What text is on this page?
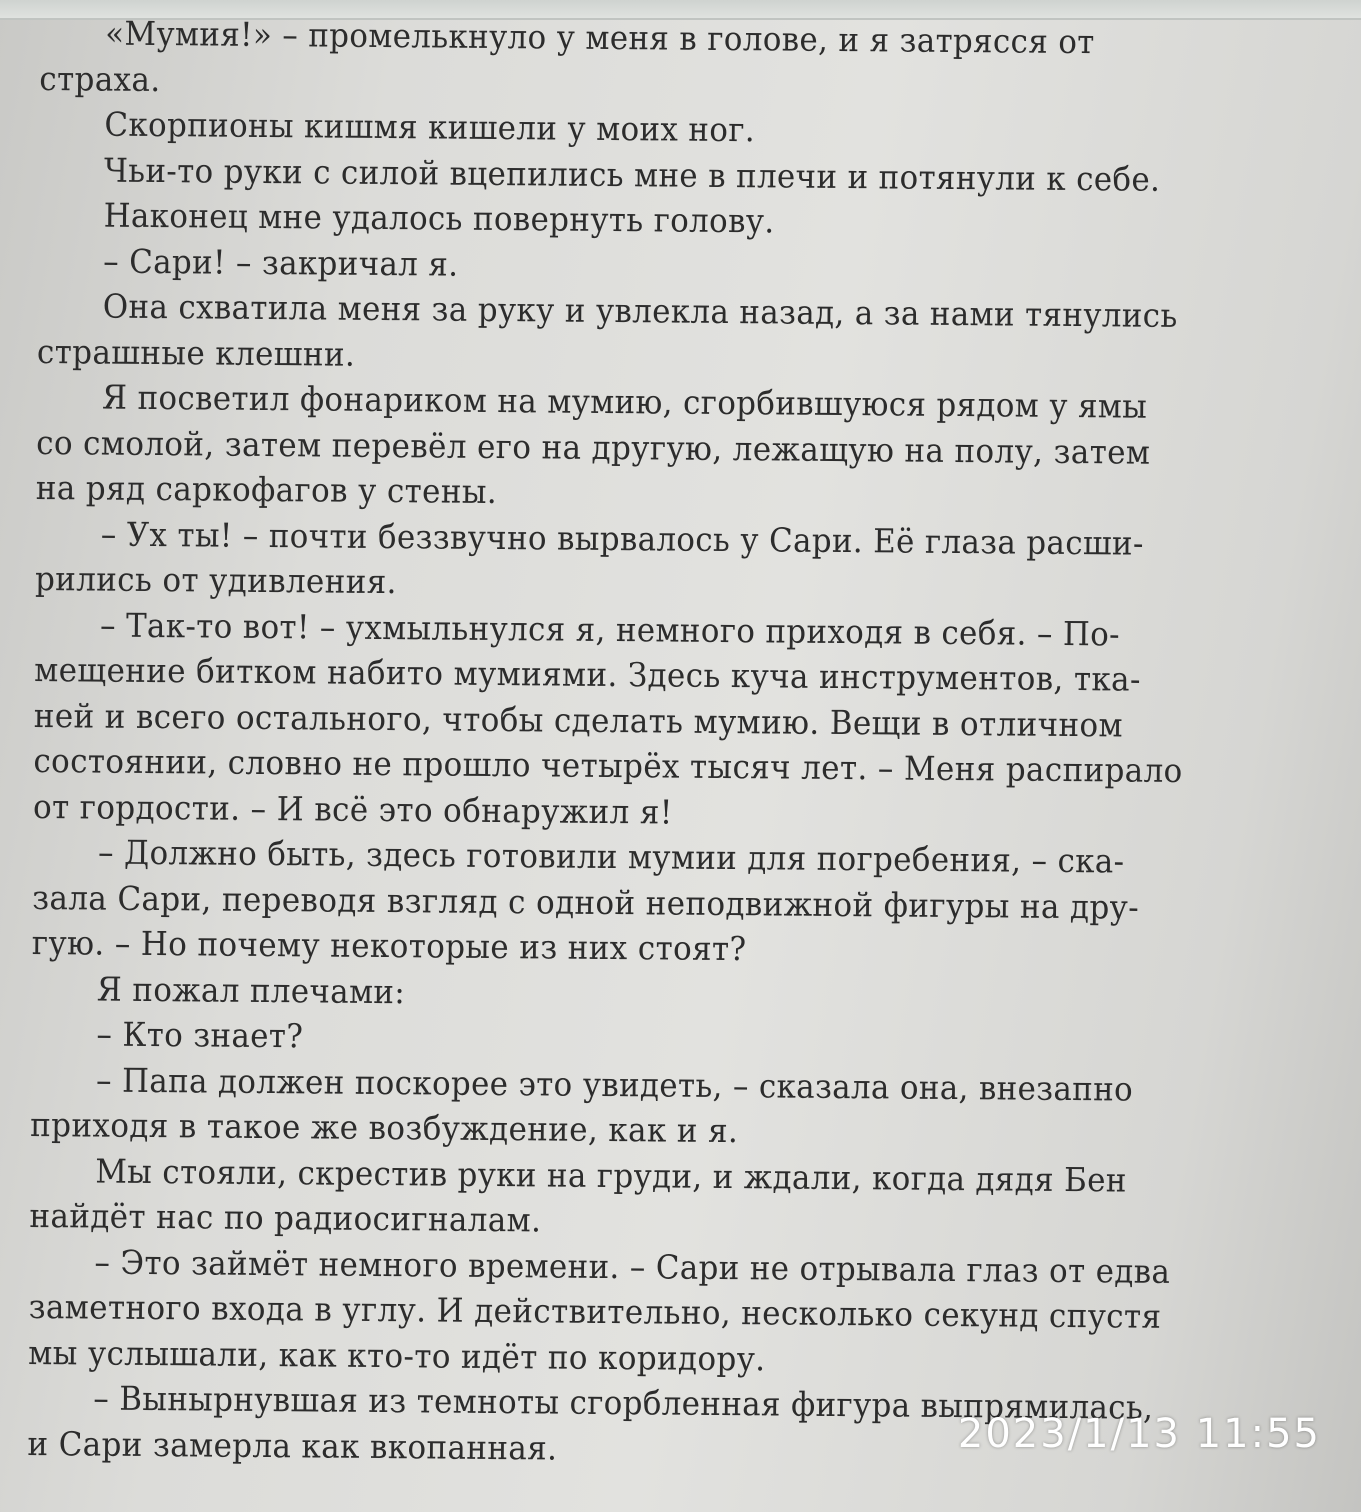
«Мумия!» – промелькнуло у меня в голове, и я затрясся от
страха.
Скорпионы кишмя кишели у моих ног.
Чьи-то руки с силой вцепились мне в плечи и потянули к себе.
Наконец мне удалось повернуть голову.
– Сари! – закричал я.
Она схватила меня за руку и увлекла назад, а за нами тянулись
страшные клешни.
Я посветил фонариком на мумию, сгорбившуюся рядом у ямы
со смолой, затем перевёл его на другую, лежащую на полу, затем
на ряд саркофагов у стены.
– Ух ты! – почти беззвучно вырвалось у Сари. Её глаза расши-
рились от удивления.
– Так-то вот! – ухмыльнулся я, немного приходя в себя. – По-
мещение битком набито мумиями. Здесь куча инструментов, тка-
ней и всего остального, чтобы сделать мумию. Вещи в отличном
состоянии, словно не прошло четырёх тысяч лет. – Меня распирало
от гордости. – И всё это обнаружил я!
– Должно быть, здесь готовили мумии для погребения, – ска-
зала Сари, переводя взгляд с одной неподвижной фигуры на дру-
гую. – Но почему некоторые из них стоят?
Я пожал плечами:
– Кто знает?
– Папа должен поскорее это увидеть, – сказала она, внезапно
приходя в такое же возбуждение, как и я.
Мы стояли, скрестив руки на груди, и ждали, когда дядя Бен
найдёт нас по радиосигналам.
– Это займёт немного времени. – Сари не отрывала глаз от едва
заметного входа в углу. И действительно, несколько секунд спустя
мы услышали, как кто-то идёт по коридору.
– Вынырнувшая из темноты сгорбленная фигура выпрямилась,
и Сари замерла как вкопанная.	2023/1/13 11:55
